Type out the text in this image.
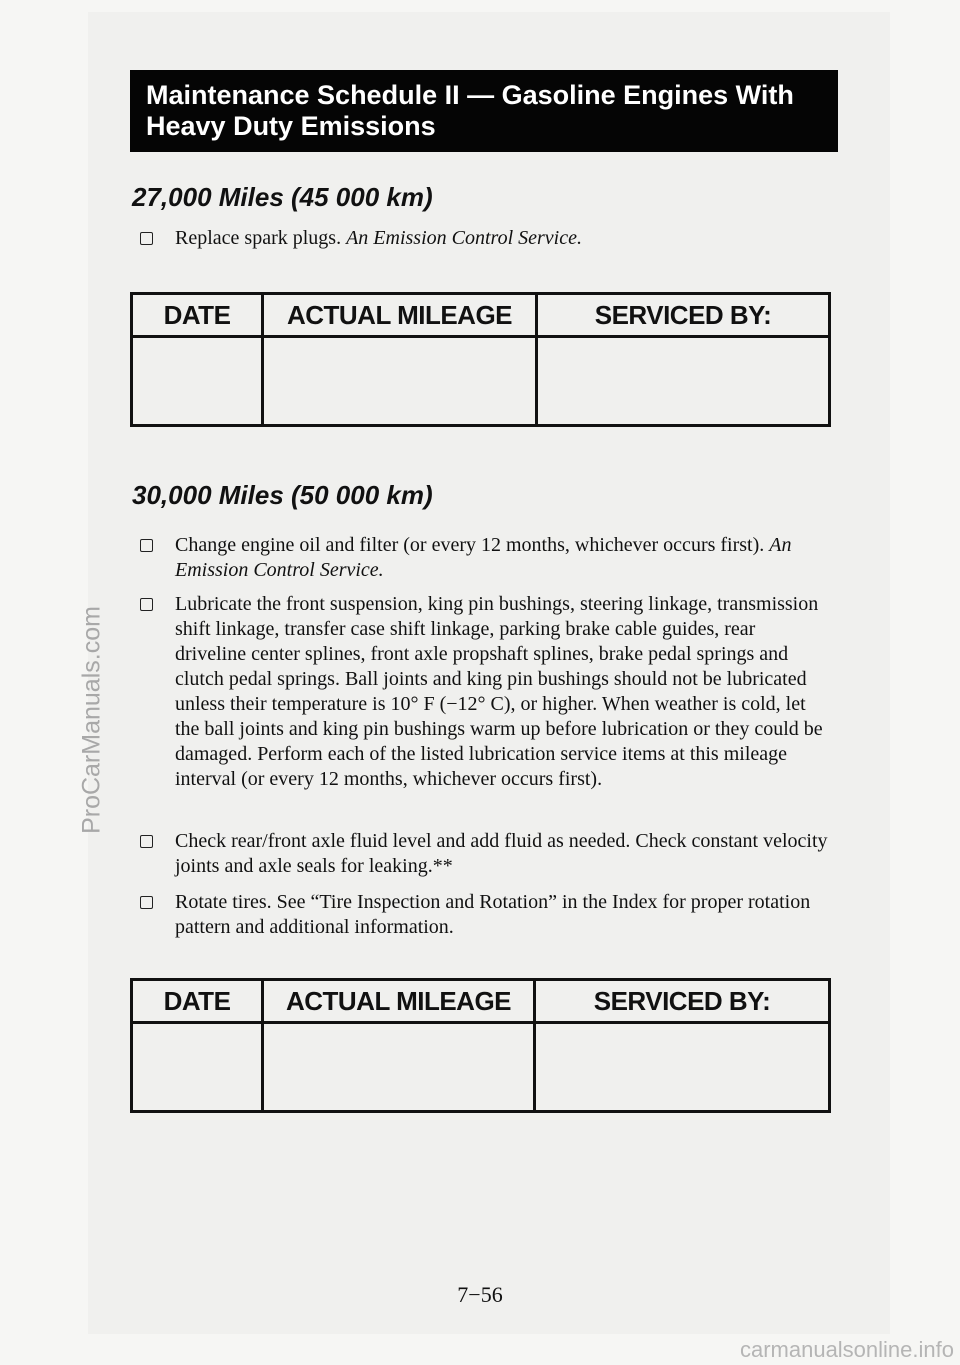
Maintenance Schedule II — Gasoline Engines With
Heavy Duty Emissions
27,000 Miles (45 000 km)
Replace spark plugs. An Emission Control Service.
DATE	ACTUAL MILEAGE	SERVICED BY:

30,000 Miles (50 000 km)
Change engine oil and filter (or every 12 months, whichever occurs first). An Emission Control Service.
Lubricate the front suspension, king pin bushings, steering linkage, transmission shift linkage, transfer case shift linkage, parking brake cable guides, rear driveline center splines, front axle propshaft splines, brake pedal springs and clutch pedal springs. Ball joints and king pin bushings should not be lubricated unless their temperature is 10° F (−12° C), or higher. When weather is cold, let the ball joints and king pin bushings warm up before lubrication or they could be damaged. Perform each of the listed lubrication service items at this mileage interval (or every 12 months, whichever occurs first).
Check rear/front axle fluid level and add fluid as needed. Check constant velocity joints and axle seals for leaking.**
Rotate tires. See “Tire Inspection and Rotation” in the Index for proper rotation pattern and additional information.
DATE	ACTUAL MILEAGE	SERVICED BY:

7−56
ProCarManuals.com
carmanualsonline.info
